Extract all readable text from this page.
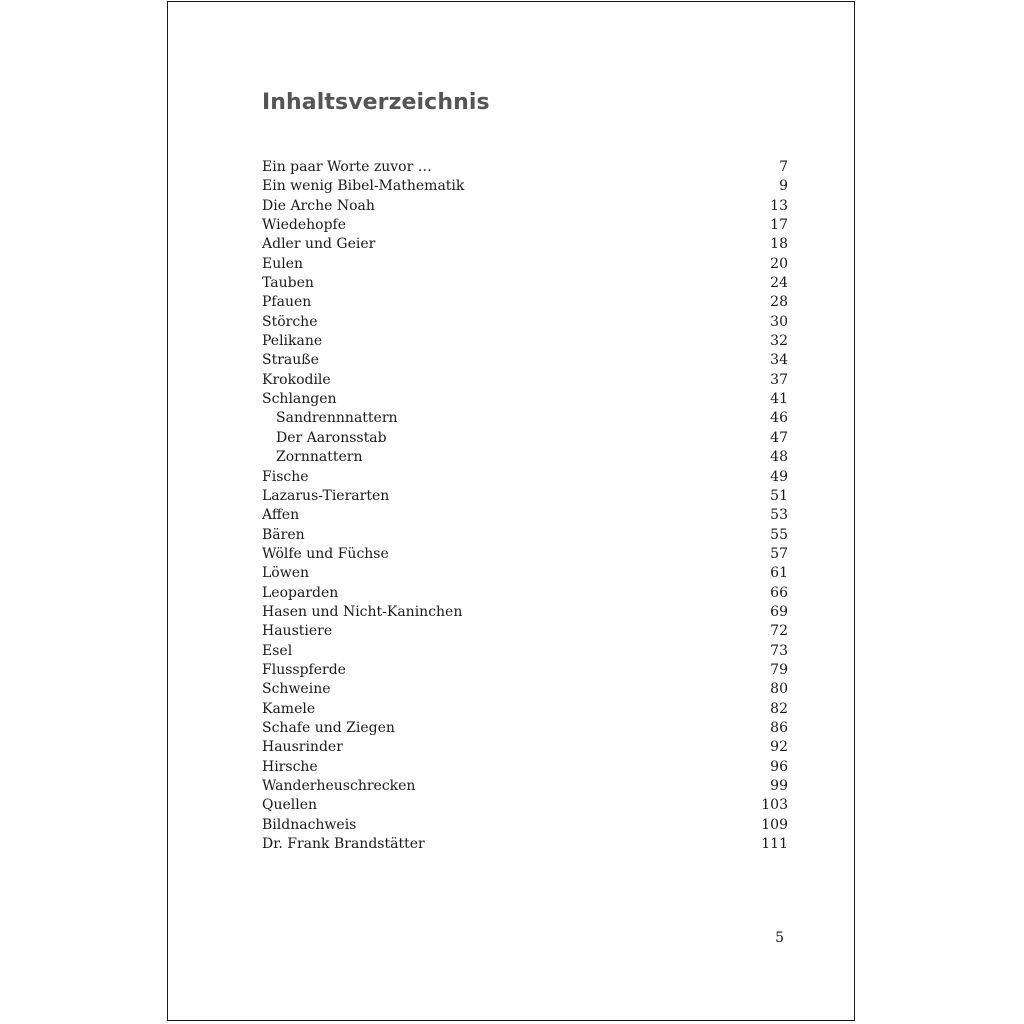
Inhaltsverzeichnis
Ein paar Worte zuvor …	7
Ein wenig Bibel-Mathematik	9
Die Arche Noah	13
Wiedehopfe	17
Adler und Geier	18
Eulen	20
Tauben	24
Pfauen	28
Störche	30
Pelikane	32
Strauße	34
Krokodile	37
Schlangen	41
Sandrennnattern	46
Der Aaronsstab	47
Zornnattern	48
Fische	49
Lazarus-Tierarten	51
Affen	53
Bären	55
Wölfe und Füchse	57
Löwen	61
Leoparden	66
Hasen und Nicht-Kaninchen	69
Haustiere	72
Esel	73
Flusspferde	79
Schweine	80
Kamele	82
Schafe und Ziegen	86
Hausrinder	92
Hirsche	96
Wanderheuschrecken	99
Quellen	103
Bildnachweis	109
Dr. Frank Brandstätter	111
5
